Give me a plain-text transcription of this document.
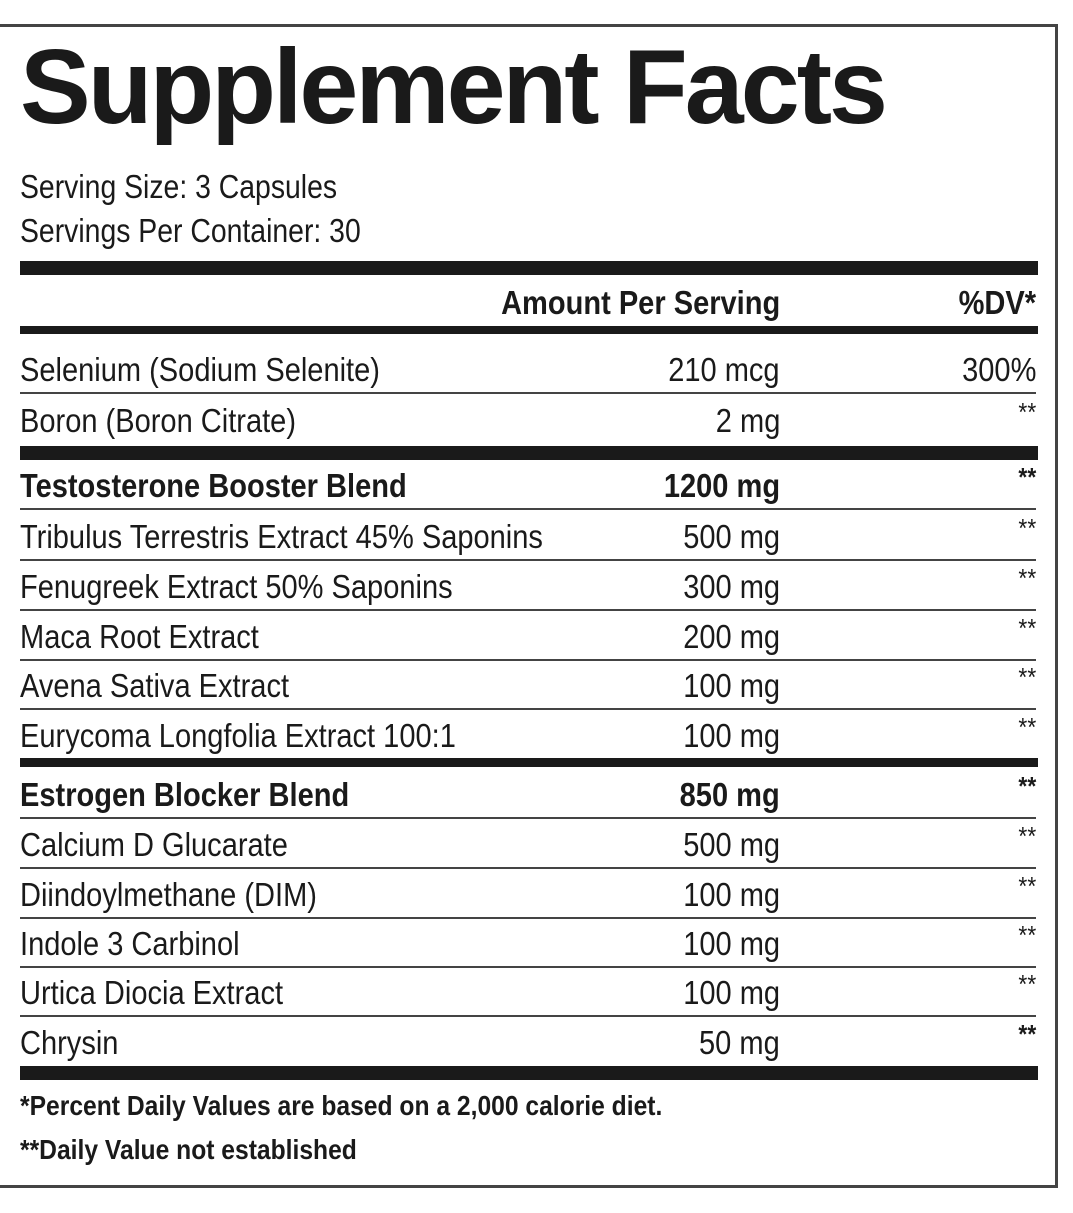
Supplement Facts
Serving Size: 3 Capsules
Servings Per Container: 30
Amount Per Serving	%DV*
Selenium (Sodium Selenite)	210 mcg	300%
Boron (Boron Citrate)	2 mg	**
Testosterone Booster Blend	1200 mg	**
Tribulus Terrestris Extract 45% Saponins	500 mg	**
Fenugreek Extract 50% Saponins	300 mg	**
Maca Root Extract	200 mg	**
Avena Sativa Extract	100 mg	**
Eurycoma Longfolia Extract 100:1	100 mg	**
Estrogen Blocker Blend	850 mg	**
Calcium D Glucarate	500 mg	**
Diindoylmethane (DIM)	100 mg	**
Indole 3 Carbinol	100 mg	**
Urtica Diocia Extract	100 mg	**
Chrysin	50 mg	**
*Percent Daily Values are based on a 2,000 calorie diet.
**Daily Value not established
